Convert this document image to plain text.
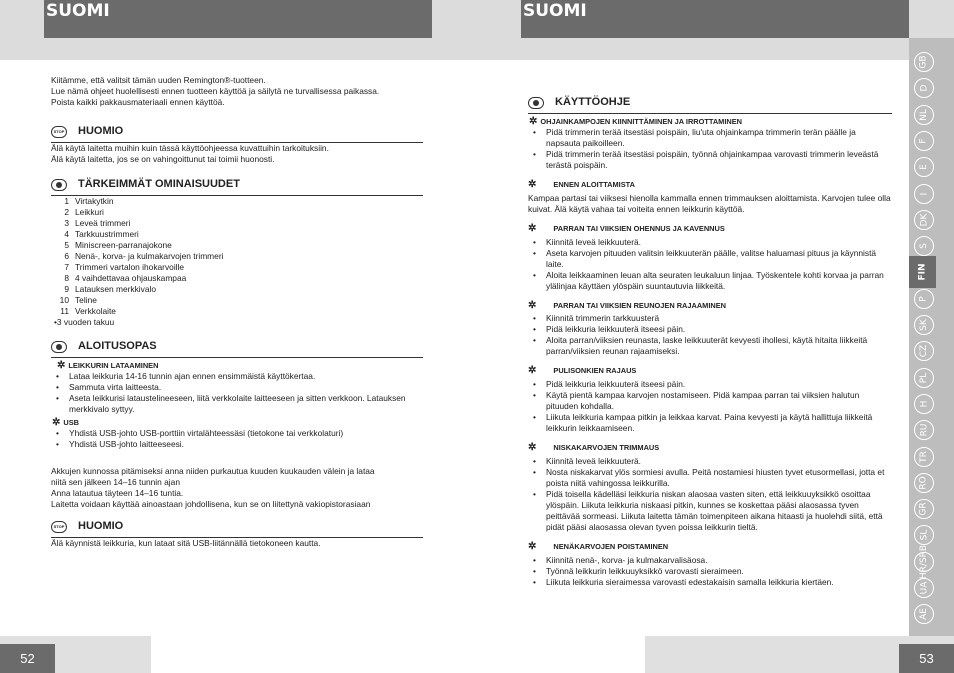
SUOMI	SUOMI
GB
D
NL
F
E
I
DK
S
FIN
P
SK
CZ
PL
H
RU
TR
RO
GR
SL
HR/SRB
UA
AE

Kiitämme, että valitsit tämän uuden Remington®-tuotteen.

Lue nämä ohjeet huolellisesti ennen tuotteen käyttöä ja säilytä ne turvallisessa paikassa.

Poista kaikki pakkausmateriaali ennen käyttöä.

STOP HUOMIO

Älä käytä laitetta muihin kuin tässä käyttöohjeessa kuvattuihin tarkoituksiin.

Älä käytä laitetta, jos se on vahingoittunut tai toimii huonosti.

TÄRKEIMMÄT OMINAISUUDET
1 Virtakytkin
2 Leikkuri
3 Leveä trimmeri
4 Tarkkuustrimmeri
5 Miniscreen-parranajokone
6 Nenä-, korva- ja kulmakarvojen trimmeri
7 Trimmeri vartalon ihokarvoille
8 4 vaihdettavaa ohjauskampaa
9 Latauksen merkkivalo
10 Teline
11 Verkkolaite

•3 vuoden takuu

ALOITUSOPAS
✲ LEIKKURIN LATAAMINEN
• Lataa leikkuria 14-16 tunnin ajan ennen ensimmäistä käyttökertaa.
• Sammuta virta laitteesta.
• Aseta leikkurisi lataustelineeseen, liitä verkkolaite laitteeseen ja sitten verkkoon. Latauksen merkkivalo syttyy.
✲ USB
• Yhdistä USB-johto USB-porttiin virtalähteessäsi (tietokone tai verkkolaturi)
• Yhdistä USB-johto laitteeseesi.

Akkujen kunnossa pitämiseksi anna niiden purkautua kuuden kuukauden välein ja lataa

niitä sen jälkeen 14–16 tunnin ajan

Anna latautua täyteen 14–16 tuntia.

Laitetta voidaan käyttää ainoastaan johdollisena, kun se on liitettynä vakiopistorasiaan

STOP HUOMIO

Älä käynnistä leikkuria, kun lataat sitä USB-liitännällä tietokoneen kautta.

KÄYTTÖOHJE
✲ OHJAINKAMPOJEN KIINNITTÄMINEN JA IRROTTAMINEN
• Pidä trimmerin terää itsestäsi poispäin, liu'uta ohjainkampa trimmerin terän päälle ja napsauta paikoilleen.
• Pidä trimmerin terää itsestäsi poispäin, työnnä ohjainkampaa varovasti trimmerin leveästä terästä poispäin.
✲ ENNEN ALOITTAMISTA

Kampaa partasi tai viiksesi hienolla kammalla ennen trimmauksen aloittamista. Karvojen tulee olla kuivat. Älä käytä vahaa tai voiteita ennen leikkurin käyttöä.

✲ PARRAN TAI VIIKSIEN OHENNUS JA KAVENNUS
• Kiinnitä leveä leikkuuterä.
• Aseta karvojen pituuden valitsin leikkuuterän päälle, valitse haluamasi pituus ja käynnistä laite.
• Aloita leikkaaminen leuan alta seuraten leukaluun linjaa. Työskentele kohti korvaa ja parran ylälinjaa käyttäen ylöspäin suuntautuvia liikkeitä.
✲ PARRAN TAI VIIKSIEN REUNOJEN RAJAAMINEN
• Kiinnitä trimmerin tarkkuusterä
• Pidä leikkuria leikkuuterä itseesi päin.
• Aloita parran/viiksien reunasta, laske leikkuuterät kevyesti ihollesi, käytä hitaita liikkeitä parran/viiksien reunan rajaamiseksi.
✲ PULISONKIEN RAJAUS
• Pidä leikkuria leikkuuterä itseesi päin.
• Käytä pientä kampaa karvojen nostamiseen. Pidä kampaa parran tai viiksien halutun pituuden kohdalla.
• Liikuta leikkuria kampaa pitkin ja leikkaa karvat. Paina kevyesti ja käytä hallittuja liikkeitä leikkurin leikkaamiseen.
✲ NISKAKARVOJEN TRIMMAUS
• Kiinnitä leveä leikkuuterä.
• Nosta niskakarvat ylös sormiesi avulla. Peitä nostamiesi hiusten tyvet etusormellasi, jotta et poista niitä vahingossa leikkurilla.
• Pidä toisella kädelläsi leikkuria niskan alaosaa vasten siten, että leikkuuyksikkö osoittaa ylöspäin. Liikuta leikkuria niskaasi pitkin, kunnes se koskettaa pääsi alaosassa tyven peittävää sormeasi. Liikuta laitetta tämän toimenpiteen aikana hitaasti ja huolehdi siitä, että pidät pääsi alaosassa olevan tyven poissa leikkurin tieltä.
✲ NENÄKARVOJEN POISTAMINEN
• Kiinnitä nenä-, korva- ja kulmakarvalisäosa.
• Työnnä leikkurin leikkuuyksikkö varovasti sieraimeen.
• Liikuta leikkuria sieraimessa varovasti edestakaisin samalla leikkuria kiertäen.
52	53
